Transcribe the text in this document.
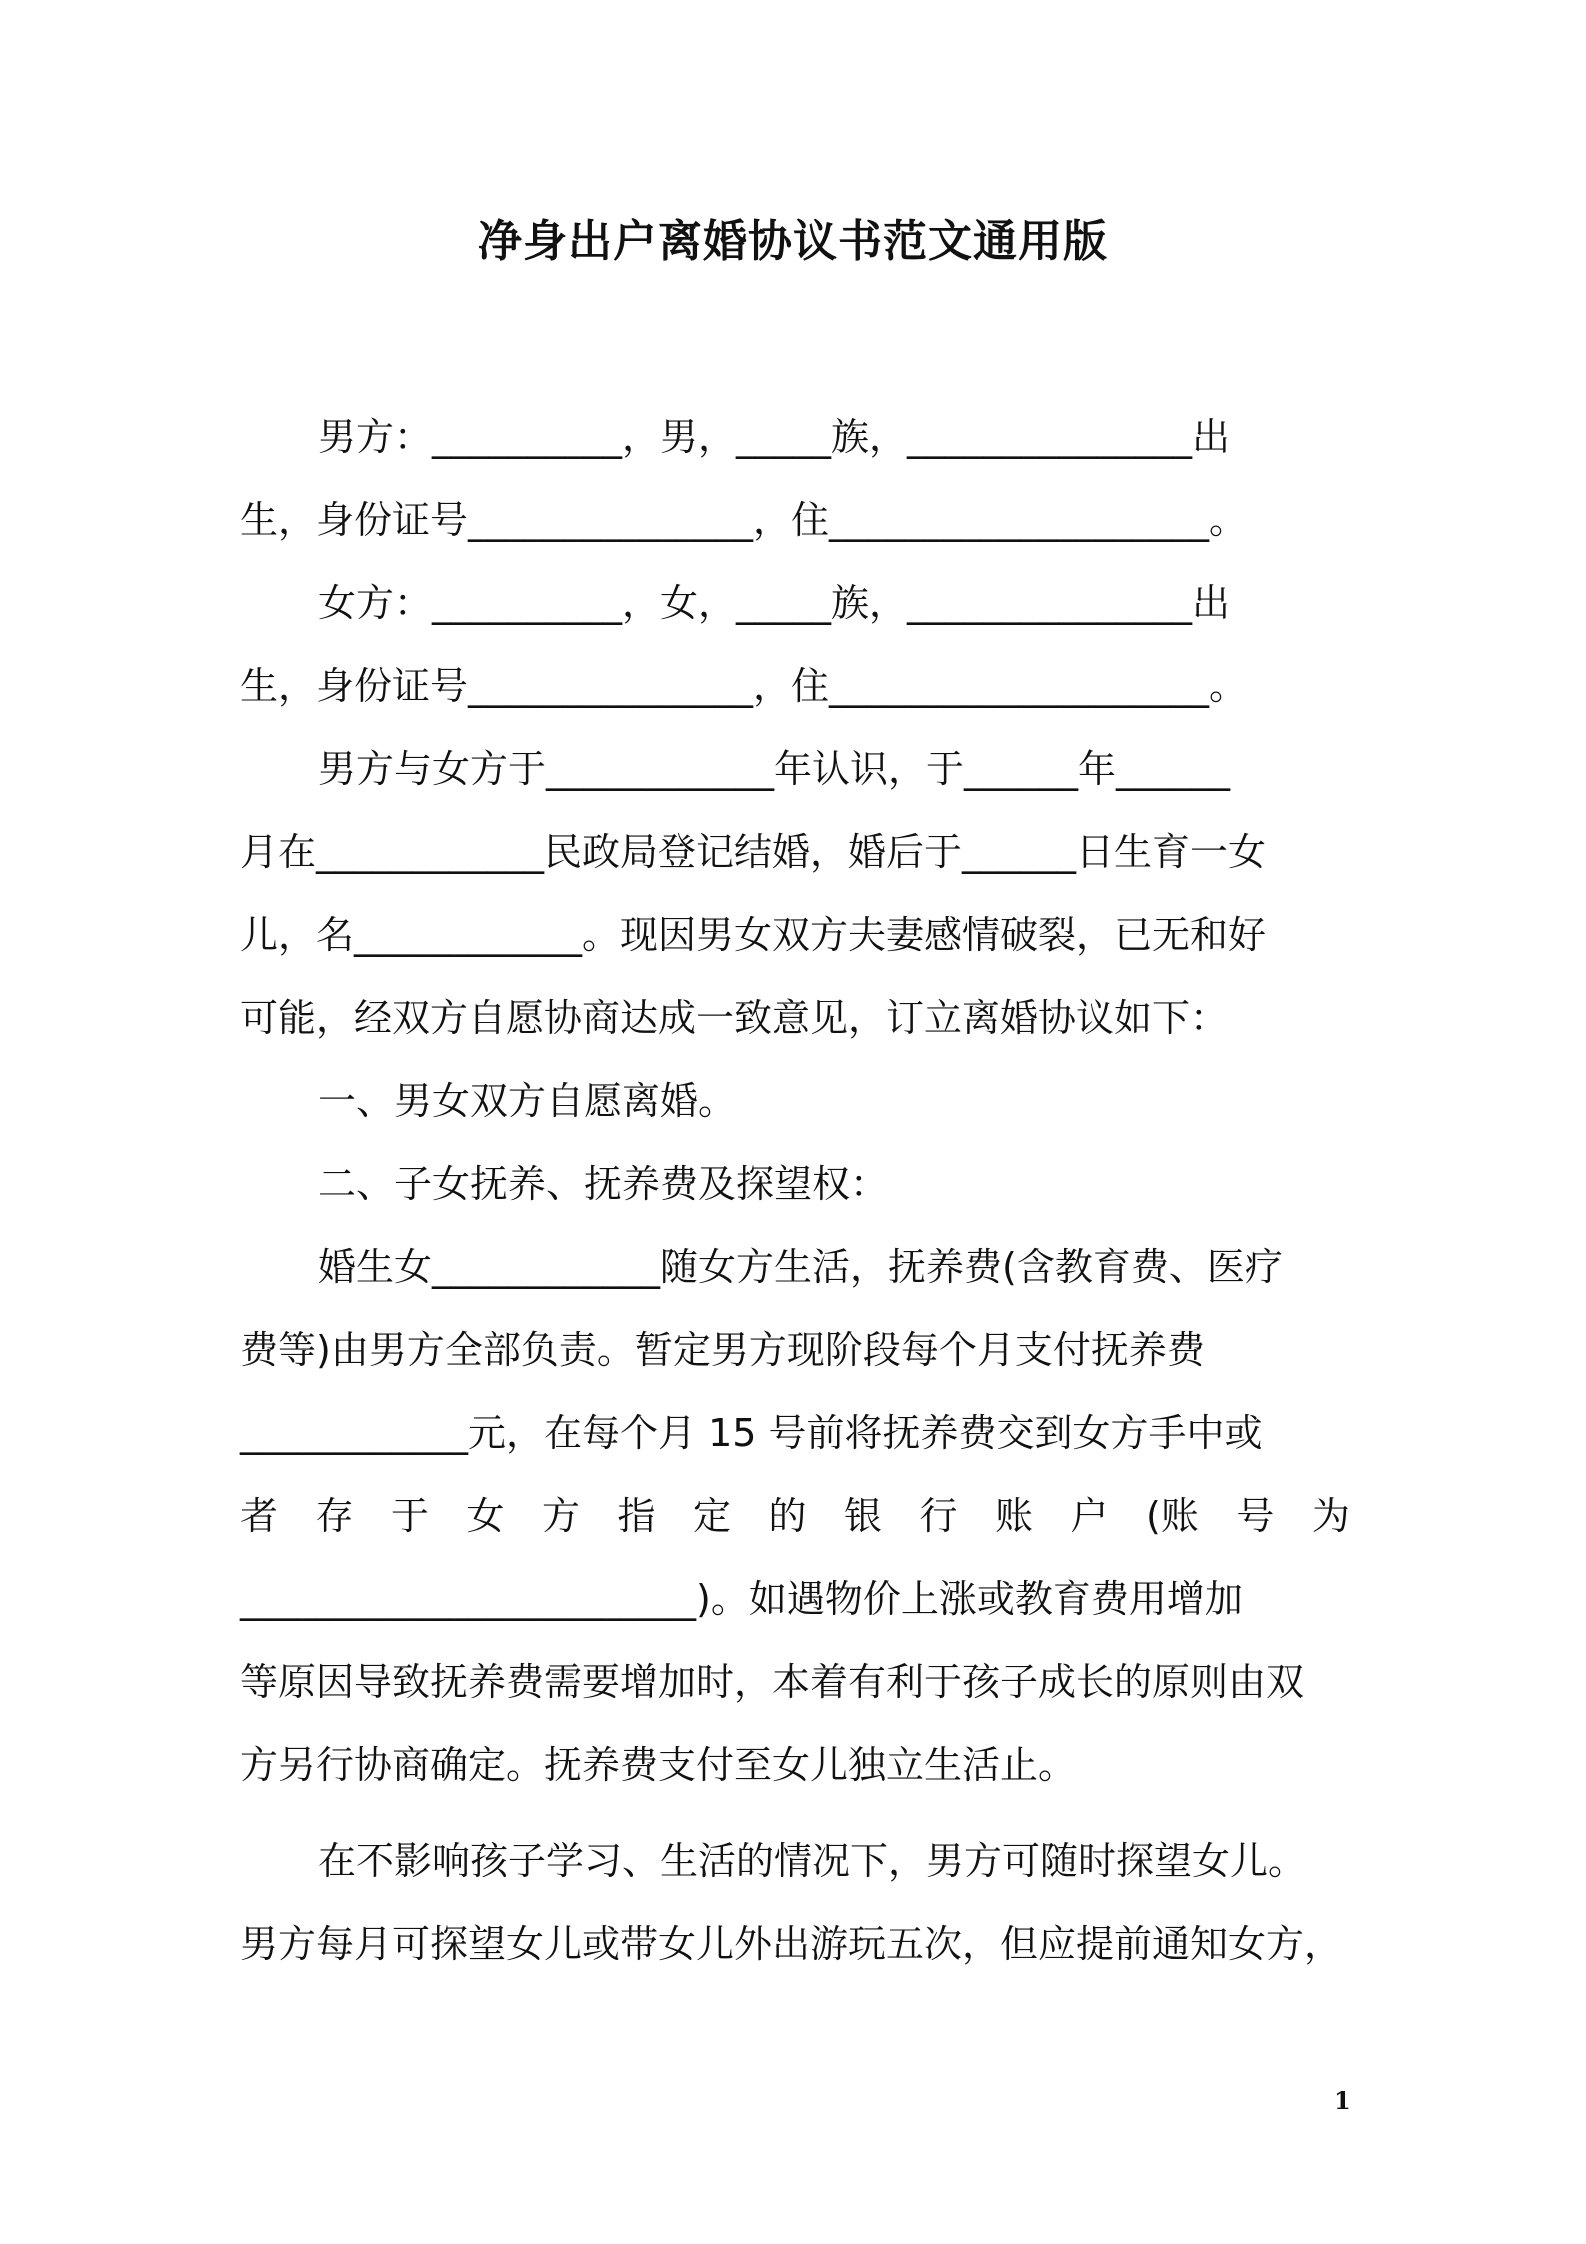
净身出户离婚协议书范文通用版
男方：__________，男，_____族，_______________出
生，身份证号_______________，住____________________。
女方：__________，女，_____族，_______________出
生，身份证号_______________，住____________________。
男方与女方于____________年认识，于______年______
月在____________民政局登记结婚，婚后于______日生育一女
儿，名____________。现因男女双方夫妻感情破裂，已无和好
可能，经双方自愿协商达成一致意见，订立离婚协议如下：
一、男女双方自愿离婚。
二、子女抚养、抚养费及探望权：
婚生女____________随女方生活，抚养费(含教育费、医疗
费等)由男方全部负责。暂定男方现阶段每个月支付抚养费
____________元，在每个月 15 号前将抚养费交到女方手中或
者 存 于 女 方 指 定 的 银 行 账 户 (账 号 为
________________________)。如遇物价上涨或教育费用增加
等原因导致抚养费需要增加时，本着有利于孩子成长的原则由双
方另行协商确定。抚养费支付至女儿独立生活止。
在不影响孩子学习、生活的情况下，男方可随时探望女儿。
男方每月可探望女儿或带女儿外出游玩五次，但应提前通知女方，
1
